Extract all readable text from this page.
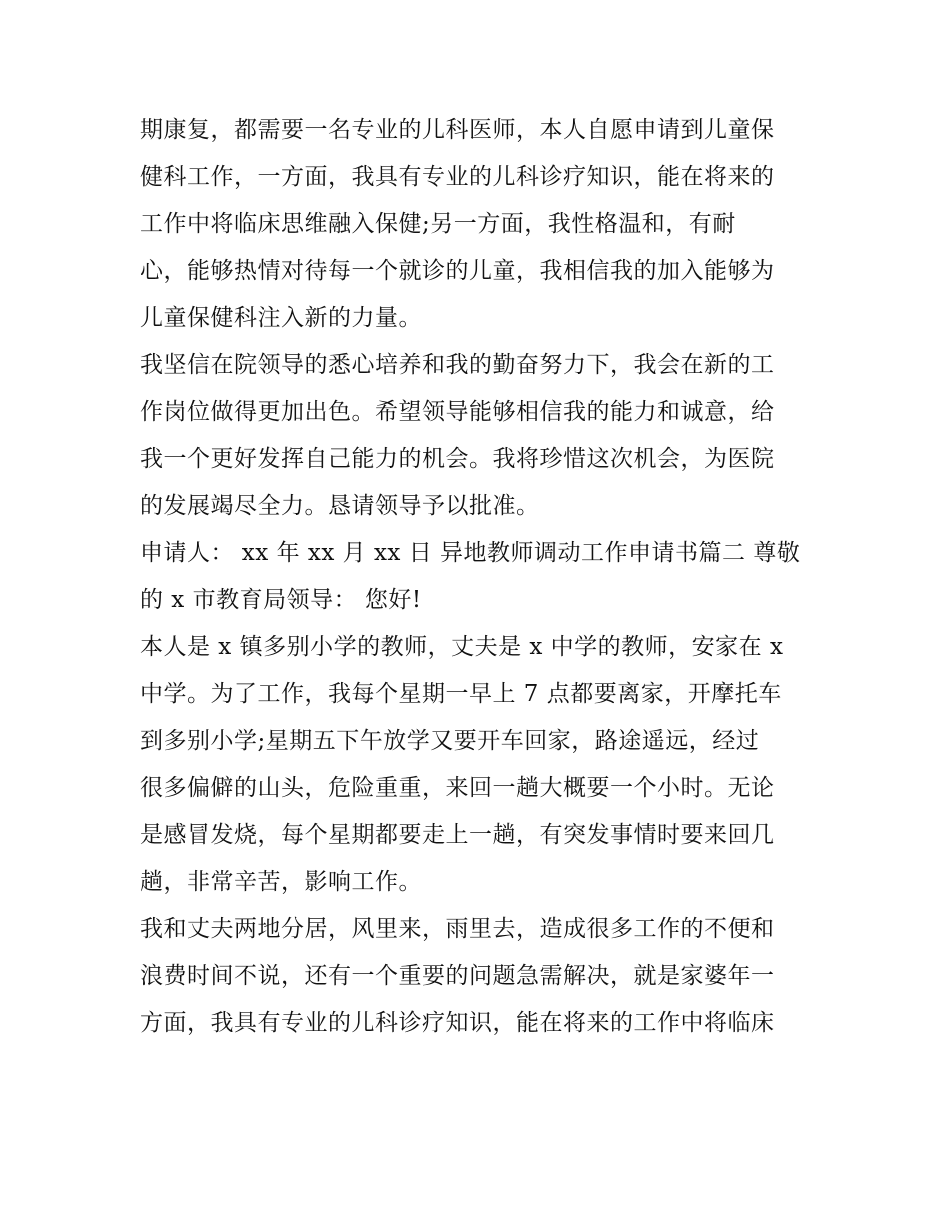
期康复，都需要一名专业的儿科医师，本人自愿申请到儿童保
健科工作，一方面，我具有专业的儿科诊疗知识，能在将来的
工作中将临床思维融入保健;另一方面，我性格温和，有耐
心，能够热情对待每一个就诊的儿童，我相信我的加入能够为
儿童保健科注入新的力量。
我坚信在院领导的悉心培养和我的勤奋努力下，我会在新的工
作岗位做得更加出色。希望领导能够相信我的能力和诚意，给
我一个更好发挥自己能力的机会。我将珍惜这次机会，为医院
的发展竭尽全力。恳请领导予以批准。
申请人： xx 年 xx 月 xx 日 异地教师调动工作申请书篇二 尊敬
的 x 市教育局领导： 您好!
本人是 x 镇多别小学的教师，丈夫是 x 中学的教师，安家在 x
中学。为了工作，我每个星期一早上 7 点都要离家，开摩托车
到多别小学;星期五下午放学又要开车回家，路途遥远，经过
很多偏僻的山头，危险重重，来回一趟大概要一个小时。无论
是感冒发烧，每个星期都要走上一趟，有突发事情时要来回几
趟，非常辛苦，影响工作。
我和丈夫两地分居，风里来，雨里去，造成很多工作的不便和
浪费时间不说，还有一个重要的问题急需解决，就是家婆年一
方面，我具有专业的儿科诊疗知识，能在将来的工作中将临床
